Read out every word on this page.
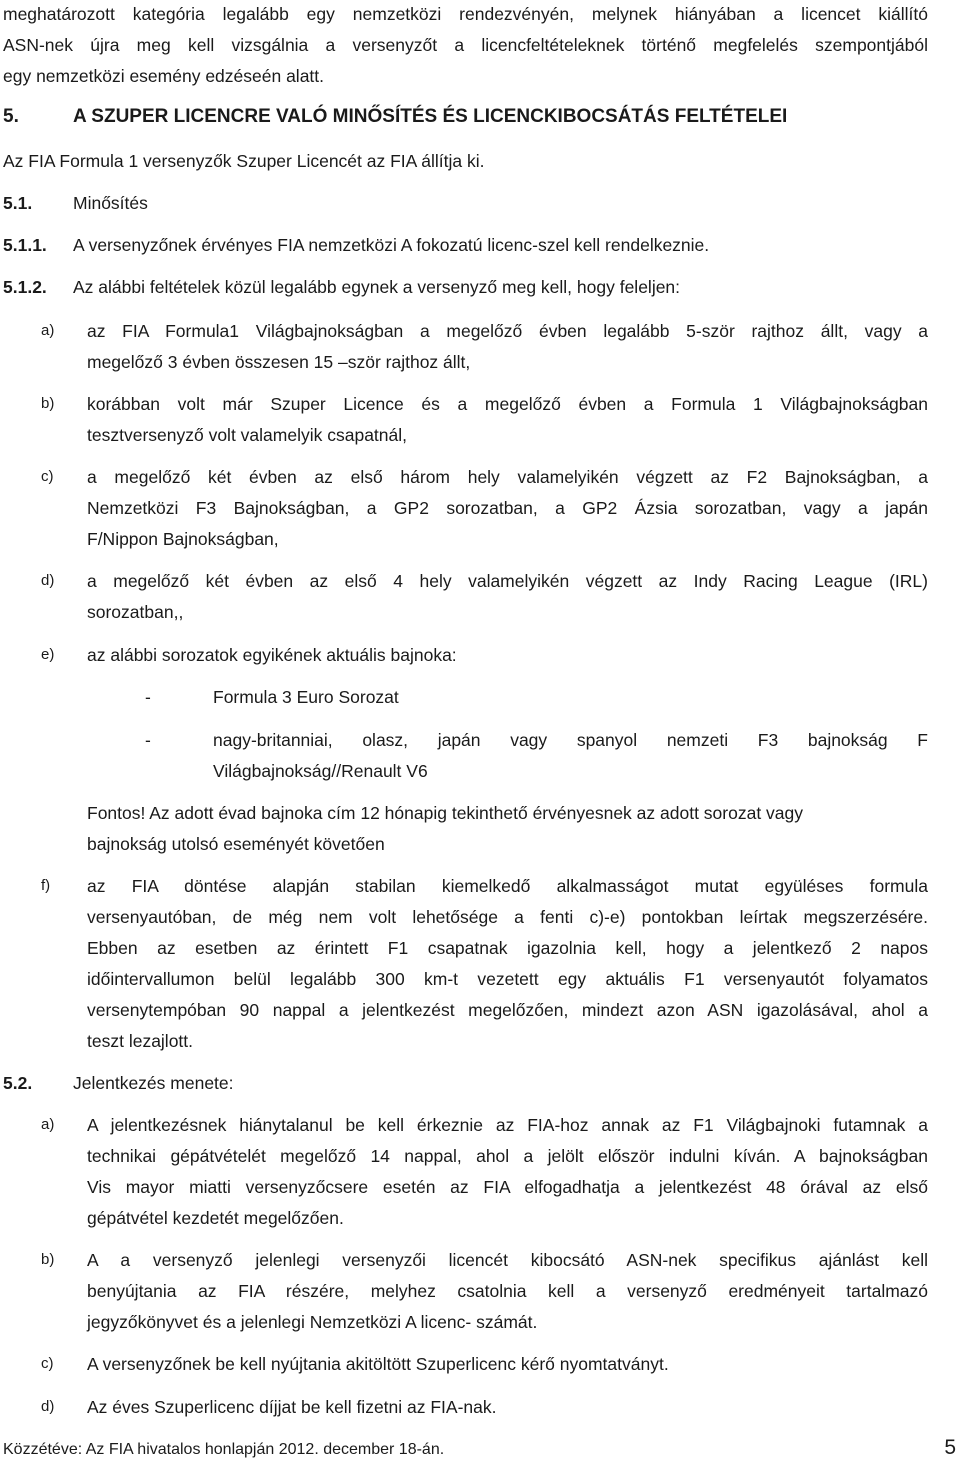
meghatározott kategória legalább egy nemzetközi rendezvényén, melynek hiányában a licencet kiállító
ASN-nek újra meg kell vizsgálnia a versenyzőt a licencfeltételeknek történő megfelelés szempontjából
egy nemzetközi esemény edzéseén alatt.
5.	A SZUPER LICENCRE VALÓ MINŐSÍTÉS ÉS LICENCKIBOCSÁTÁS FELTÉTELEI
Az FIA Formula 1 versenyzők Szuper Licencét az FIA állítja ki.
5.1. Minősítés
5.1.1. A versenyzőnek érvényes FIA nemzetközi A fokozatú licenc-szel kell rendelkeznie.
5.1.2. Az alábbi feltételek közül legalább egynek a versenyző meg kell, hogy feleljen:
a) az FIA Formula1 Világbajnokságban a megelőző évben legalább 5-ször rajthoz állt, vagy a
megelőző 3 évben összesen 15 –ször rajthoz állt,
b) korábban volt már Szuper Licence és a megelőző évben a Formula 1 Világbajnokságban
tesztversenyző volt valamelyik csapatnál,
c) a megelőző két évben az első három hely valamelyikén végzett az F2 Bajnokságban, a
Nemzetközi F3 Bajnokságban, a GP2 sorozatban, a GP2 Ázsia sorozatban, vagy a japán
F/Nippon Bajnokságban,
d) a megelőző két évben az első 4 hely valamelyikén végzett az Indy Racing League (IRL)
sorozatban,,
e) az alábbi sorozatok egyikének aktuális bajnoka:
-	Formula 3 Euro Sorozat
-	nagy-britanniai, olasz, japán vagy spanyol nemzeti F3 bajnokság F
Világbajnokság//Renault V6
Fontos! Az adott évad bajnoka cím 12 hónapig tekinthető érvényesnek az adott sorozat vagy
bajnokság utolsó eseményét követően
f) az FIA döntése alapján stabilan kiemelkedő alkalmasságot mutat együléses formula
versenyautóban, de még nem volt lehetősége a fenti c)-e) pontokban leírtak megszerzésére.
Ebben az esetben az érintett F1 csapatnak igazolnia kell, hogy a jelentkező 2 napos
időintervallumon belül legalább 300 km-t vezetett egy aktuális F1 versenyautót folyamatos
versenytempóban 90 nappal a jelentkezést megelőzően, mindezt azon ASN igazolásával, ahol a
teszt lezajlott.
5.2. Jelentkezés menete:
a) A jelentkezésnek hiánytalanul be kell érkeznie az FIA-hoz annak az F1 Világbajnoki futamnak a
technikai gépátvételét megelőző 14 nappal, ahol a jelölt először indulni kíván. A bajnokságban
Vis mayor miatti versenyzőcsere esetén az FIA elfogadhatja a jelentkezést 48 órával az első
gépátvétel kezdetét megelőzően.
b) A a versenyző jelenlegi versenyzői licencét kibocsátó ASN-nek specifikus ajánlást kell
benyújtania az FIA részére, melyhez csatolnia kell a versenyző eredményeit tartalmazó
jegyzőkönyvet és a jelenlegi Nemzetközi A licenc- számát.
c) A versenyzőnek be kell nyújtania akitöltött Szuperlicenc kérő nyomtatványt.
d) Az éves Szuperlicenc díjjat be kell fizetni az FIA-nak.
Közzétéve: Az FIA hivatalos honlapján 2012. december 18-án.	5
